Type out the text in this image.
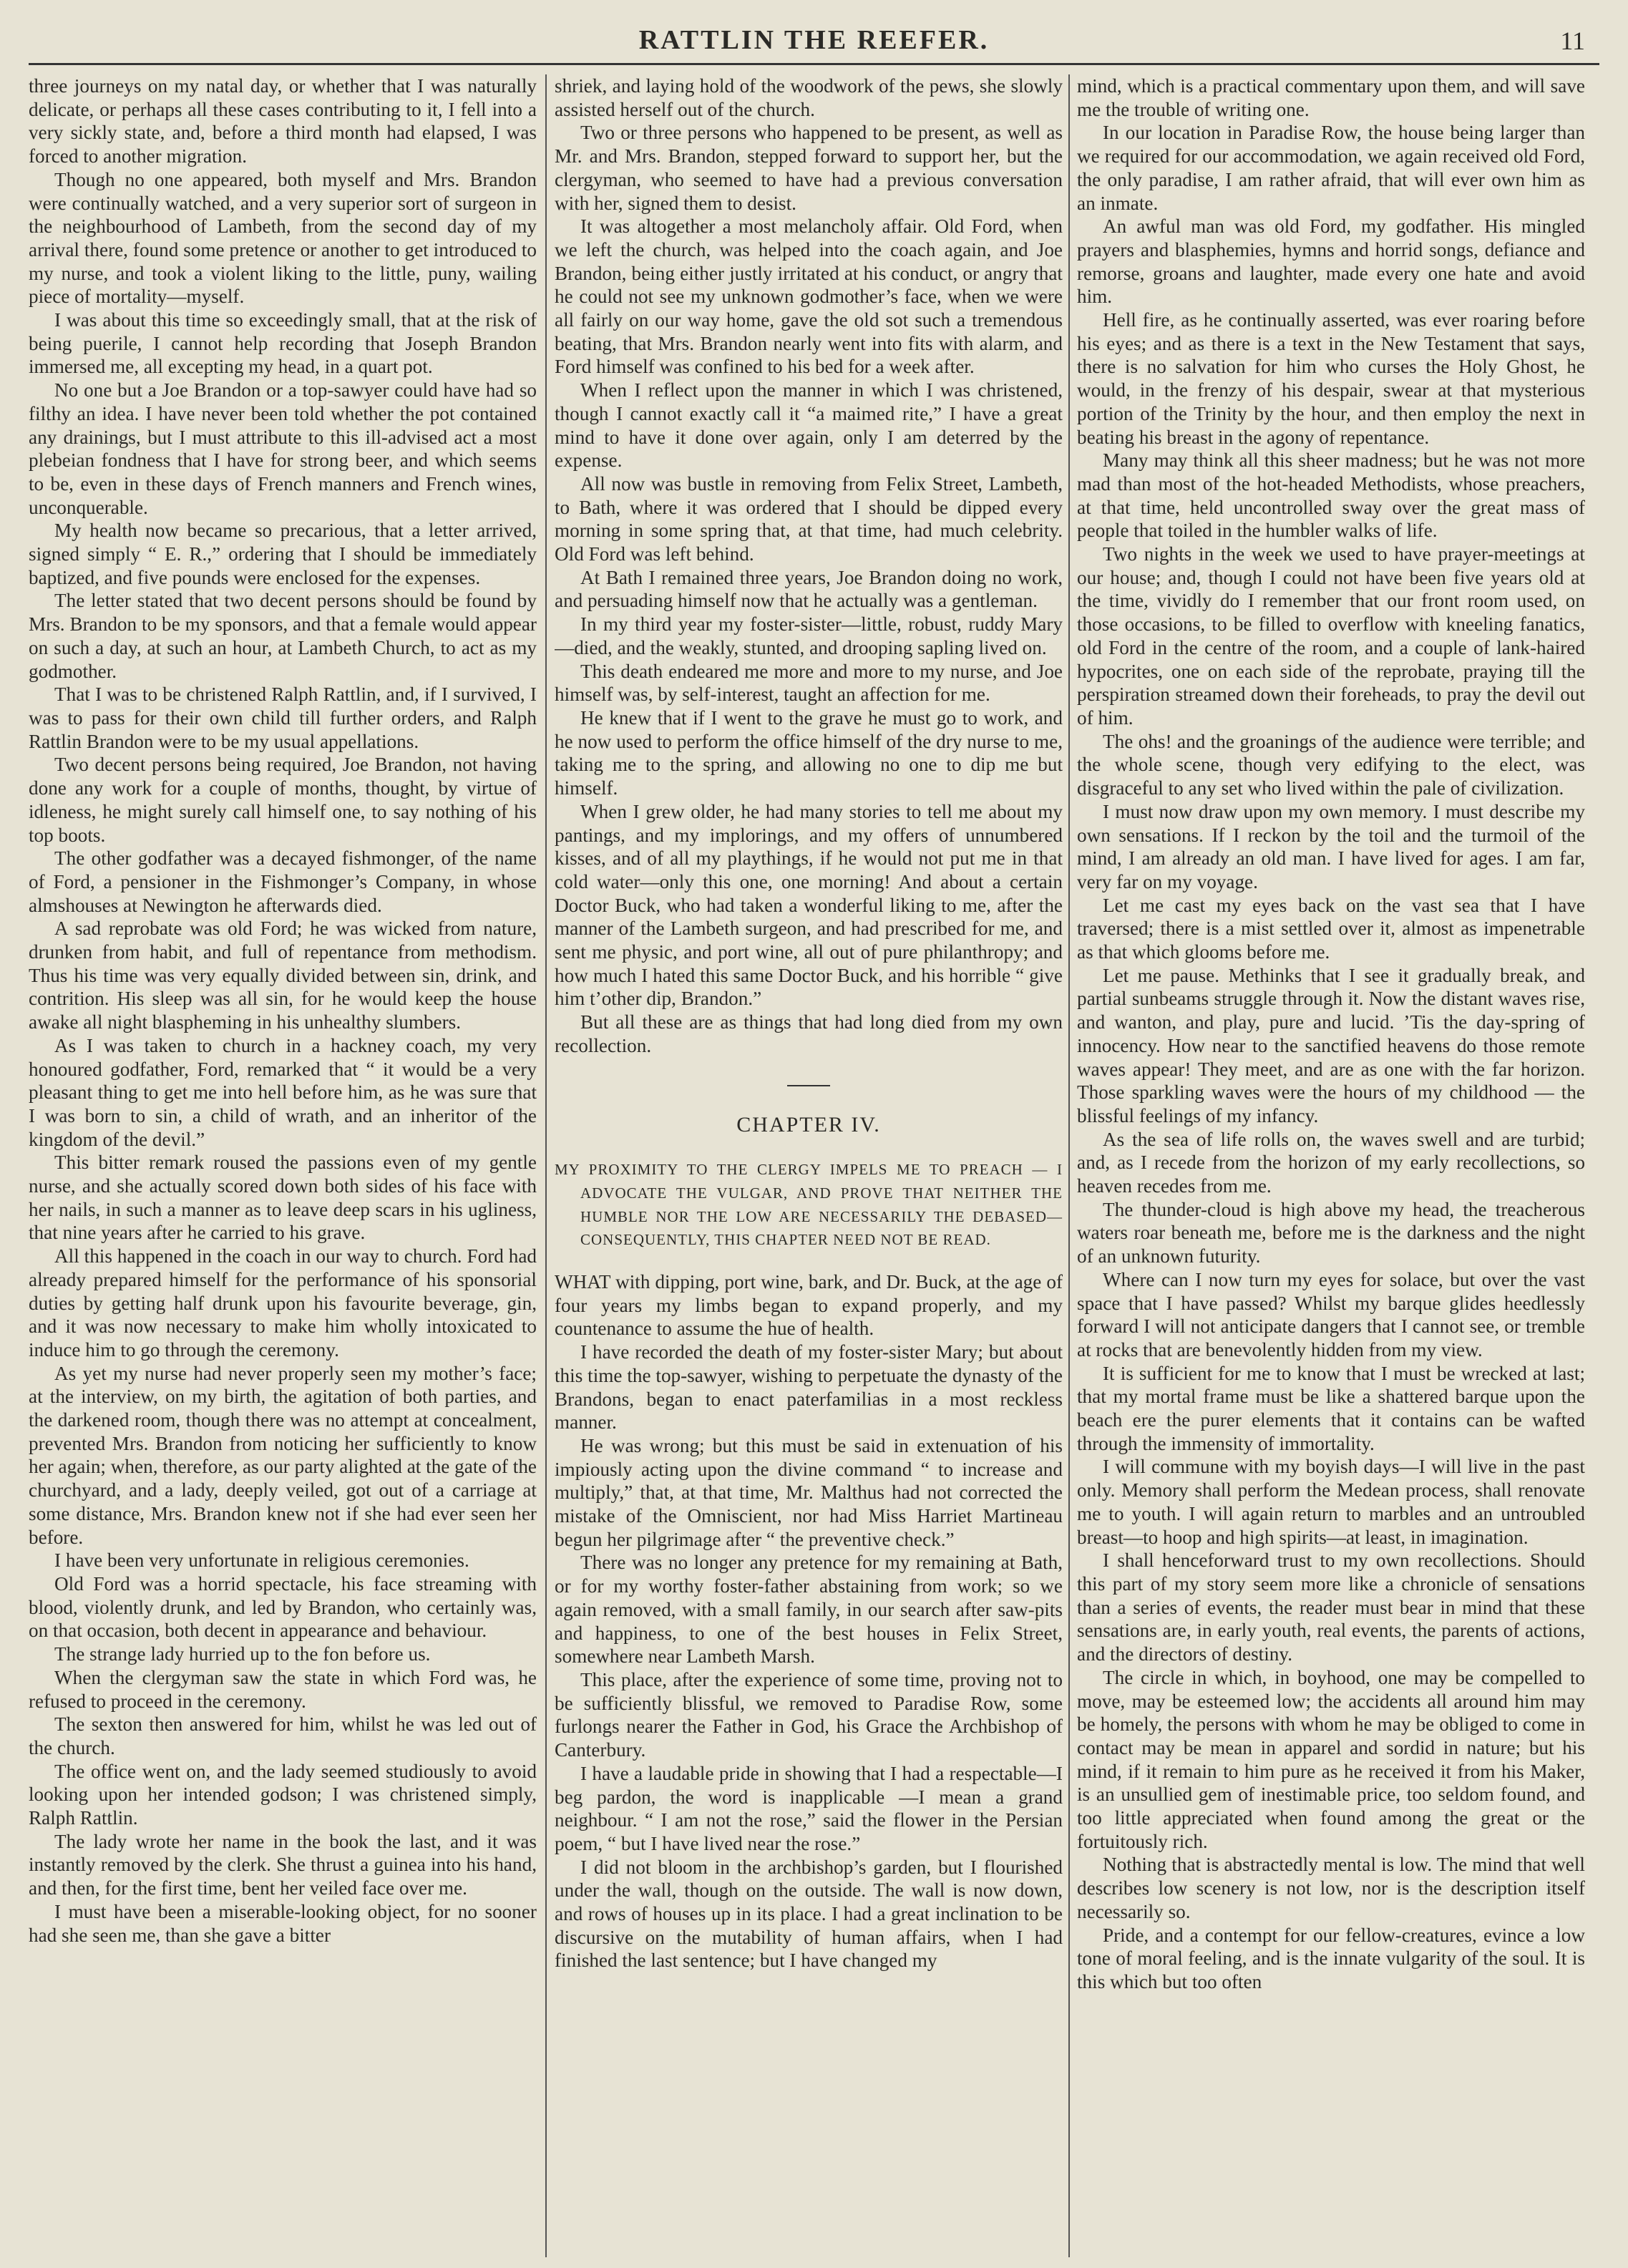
RATTLIN THE REEFER.	11

three journeys on my natal day, or whether that I was naturally delicate, or perhaps all these cases contributing to it, I fell into a very sickly state, and, before a third month had elapsed, I was forced to another migration.

Though no one appeared, both myself and Mrs. Brandon were continually watched, and a very superior sort of surgeon in the neighbourhood of Lambeth, from the second day of my arrival there, found some pretence or another to get introduced to my nurse, and took a violent liking to the little, puny, wailing piece of mortality—myself.

I was about this time so exceedingly small, that at the risk of being puerile, I cannot help recording that Joseph Brandon immersed me, all excepting my head, in a quart pot.

No one but a Joe Brandon or a top-sawyer could have had so filthy an idea. I have never been told whether the pot contained any drainings, but I must attribute to this ill-advised act a most plebeian fondness that I have for strong beer, and which seems to be, even in these days of French manners and French wines, unconquerable.

My health now became so precarious, that a letter arrived, signed simply “ E. R.,” ordering that I should be immediately baptized, and five pounds were enclosed for the expenses.

The letter stated that two decent persons should be found by Mrs. Brandon to be my sponsors, and that a female would appear on such a day, at such an hour, at Lambeth Church, to act as my godmother.

That I was to be christened Ralph Rattlin, and, if I survived, I was to pass for their own child till further orders, and Ralph Rattlin Brandon were to be my usual appellations.

Two decent persons being required, Joe Brandon, not having done any work for a couple of months, thought, by virtue of idleness, he might surely call himself one, to say nothing of his top boots.

The other godfather was a decayed fishmonger, of the name of Ford, a pensioner in the Fishmonger’s Company, in whose almshouses at Newington he afterwards died.

A sad reprobate was old Ford; he was wicked from nature, drunken from habit, and full of repentance from methodism. Thus his time was very equally divided between sin, drink, and contrition. His sleep was all sin, for he would keep the house awake all night blaspheming in his unhealthy slumbers.

As I was taken to church in a hackney coach, my very honoured godfather, Ford, remarked that “ it would be a very pleasant thing to get me into hell before him, as he was sure that I was born to sin, a child of wrath, and an inheritor of the kingdom of the devil.”

This bitter remark roused the passions even of my gentle nurse, and she actually scored down both sides of his face with her nails, in such a manner as to leave deep scars in his ugliness, that nine years after he carried to his grave.

All this happened in the coach in our way to church. Ford had already prepared himself for the performance of his sponsorial duties by getting half drunk upon his favourite beverage, gin, and it was now necessary to make him wholly intoxicated to induce him to go through the ceremony.

As yet my nurse had never properly seen my mother’s face; at the interview, on my birth, the agitation of both parties, and the darkened room, though there was no attempt at concealment, prevented Mrs. Brandon from noticing her sufficiently to know her again; when, therefore, as our party alighted at the gate of the churchyard, and a lady, deeply veiled, got out of a carriage at some distance, Mrs. Brandon knew not if she had ever seen her before.

I have been very unfortunate in religious ceremonies.

Old Ford was a horrid spectacle, his face streaming with blood, violently drunk, and led by Brandon, who certainly was, on that occasion, both decent in appearance and behaviour.

The strange lady hurried up to the fon before us.

When the clergyman saw the state in which Ford was, he refused to proceed in the ceremony.

The sexton then answered for him, whilst he was led out of the church.

The office went on, and the lady seemed studiously to avoid looking upon her intended godson; I was christened simply, Ralph Rattlin.

The lady wrote her name in the book the last, and it was instantly removed by the clerk. She thrust a guinea into his hand, and then, for the first time, bent her veiled face over me.

I must have been a miserable-looking object, for no sooner had she seen me, than she gave a bitter

shriek, and laying hold of the woodwork of the pews, she slowly assisted herself out of the church.

Two or three persons who happened to be present, as well as Mr. and Mrs. Brandon, stepped forward to support her, but the clergyman, who seemed to have had a previous conversation with her, signed them to desist.

It was altogether a most melancholy affair. Old Ford, when we left the church, was helped into the coach again, and Joe Brandon, being either justly irritated at his conduct, or angry that he could not see my unknown godmother’s face, when we were all fairly on our way home, gave the old sot such a tremendous beating, that Mrs. Brandon nearly went into fits with alarm, and Ford himself was confined to his bed for a week after.

When I reflect upon the manner in which I was christened, though I cannot exactly call it “a maimed rite,” I have a great mind to have it done over again, only I am deterred by the expense.

All now was bustle in removing from Felix Street, Lambeth, to Bath, where it was ordered that I should be dipped every morning in some spring that, at that time, had much celebrity. Old Ford was left behind.

At Bath I remained three years, Joe Brandon doing no work, and persuading himself now that he actually was a gentleman.

In my third year my foster-sister—little, robust, ruddy Mary—died, and the weakly, stunted, and drooping sapling lived on.

This death endeared me more and more to my nurse, and Joe himself was, by self-interest, taught an affection for me.

He knew that if I went to the grave he must go to work, and he now used to perform the office himself of the dry nurse to me, taking me to the spring, and allowing no one to dip me but himself.

When I grew older, he had many stories to tell me about my pantings, and my implorings, and my offers of unnumbered kisses, and of all my playthings, if he would not put me in that cold water—only this one, one morning! And about a certain Doctor Buck, who had taken a wonderful liking to me, after the manner of the Lambeth surgeon, and had prescribed for me, and sent me physic, and port wine, all out of pure philanthropy; and how much I hated this same Doctor Buck, and his horrible “ give him t’other dip, Brandon.”

But all these are as things that had long died from my own recollection.

CHAPTER IV.
MY PROXIMITY TO THE CLERGY IMPELS ME TO PREACH — I ADVOCATE THE VULGAR, AND PROVE THAT NEITHER THE HUMBLE NOR THE LOW ARE NECESSARILY THE DEBASED—CONSEQUENTLY, THIS CHAPTER NEED NOT BE READ.

WHAT with dipping, port wine, bark, and Dr. Buck, at the age of four years my limbs began to expand properly, and my countenance to assume the hue of health.

I have recorded the death of my foster-sister Mary; but about this time the top-sawyer, wishing to perpetuate the dynasty of the Brandons, began to enact paterfamilias in a most reckless manner.

He was wrong; but this must be said in extenuation of his impiously acting upon the divine command “ to increase and multiply,” that, at that time, Mr. Malthus had not corrected the mistake of the Omniscient, nor had Miss Harriet Martineau begun her pilgrimage after “ the preventive check.”

There was no longer any pretence for my remaining at Bath, or for my worthy foster-father abstaining from work; so we again removed, with a small family, in our search after saw-pits and happiness, to one of the best houses in Felix Street, somewhere near Lambeth Marsh.

This place, after the experience of some time, proving not to be sufficiently blissful, we removed to Paradise Row, some furlongs nearer the Father in God, his Grace the Archbishop of Canterbury.

I have a laudable pride in showing that I had a respectable—I beg pardon, the word is inapplicable —I mean a grand neighbour. “ I am not the rose,” said the flower in the Persian poem, “ but I have lived near the rose.”

I did not bloom in the archbishop’s garden, but I flourished under the wall, though on the outside. The wall is now down, and rows of houses up in its place. I had a great inclination to be discursive on the mutability of human affairs, when I had finished the last sentence; but I have changed my

mind, which is a practical commentary upon them, and will save me the trouble of writing one.

In our location in Paradise Row, the house being larger than we required for our accommodation, we again received old Ford, the only paradise, I am rather afraid, that will ever own him as an inmate.

An awful man was old Ford, my godfather. His mingled prayers and blasphemies, hymns and horrid songs, defiance and remorse, groans and laughter, made every one hate and avoid him.

Hell fire, as he continually asserted, was ever roaring before his eyes; and as there is a text in the New Testament that says, there is no salvation for him who curses the Holy Ghost, he would, in the frenzy of his despair, swear at that mysterious portion of the Trinity by the hour, and then employ the next in beating his breast in the agony of repentance.

Many may think all this sheer madness; but he was not more mad than most of the hot-headed Methodists, whose preachers, at that time, held uncontrolled sway over the great mass of people that toiled in the humbler walks of life.

Two nights in the week we used to have prayer-meetings at our house; and, though I could not have been five years old at the time, vividly do I remember that our front room used, on those occasions, to be filled to overflow with kneeling fanatics, old Ford in the centre of the room, and a couple of lank-haired hypocrites, one on each side of the reprobate, praying till the perspiration streamed down their foreheads, to pray the devil out of him.

The ohs! and the groanings of the audience were terrible; and the whole scene, though very edifying to the elect, was disgraceful to any set who lived within the pale of civilization.

I must now draw upon my own memory. I must describe my own sensations. If I reckon by the toil and the turmoil of the mind, I am already an old man. I have lived for ages. I am far, very far on my voyage.

Let me cast my eyes back on the vast sea that I have traversed; there is a mist settled over it, almost as impenetrable as that which glooms before me.

Let me pause. Methinks that I see it gradually break, and partial sunbeams struggle through it. Now the distant waves rise, and wanton, and play, pure and lucid. ’Tis the day-spring of innocency. How near to the sanctified heavens do those remote waves appear! They meet, and are as one with the far horizon. Those sparkling waves were the hours of my childhood — the blissful feelings of my infancy.

As the sea of life rolls on, the waves swell and are turbid; and, as I recede from the horizon of my early recollections, so heaven recedes from me.

The thunder-cloud is high above my head, the treacherous waters roar beneath me, before me is the darkness and the night of an unknown futurity.

Where can I now turn my eyes for solace, but over the vast space that I have passed? Whilst my barque glides heedlessly forward I will not anticipate dangers that I cannot see, or tremble at rocks that are benevolently hidden from my view.

It is sufficient for me to know that I must be wrecked at last; that my mortal frame must be like a shattered barque upon the beach ere the purer elements that it contains can be wafted through the immensity of immortality.

I will commune with my boyish days—I will live in the past only. Memory shall perform the Medean process, shall renovate me to youth. I will again return to marbles and an untroubled breast—to hoop and high spirits—at least, in imagination.

I shall henceforward trust to my own recollections. Should this part of my story seem more like a chronicle of sensations than a series of events, the reader must bear in mind that these sensations are, in early youth, real events, the parents of actions, and the directors of destiny.

The circle in which, in boyhood, one may be compelled to move, may be esteemed low; the accidents all around him may be homely, the persons with whom he may be obliged to come in contact may be mean in apparel and sordid in nature; but his mind, if it remain to him pure as he received it from his Maker, is an unsullied gem of inestimable price, too seldom found, and too little appreciated when found among the great or the fortuitously rich.

Nothing that is abstractedly mental is low. The mind that well describes low scenery is not low, nor is the description itself necessarily so.

Pride, and a contempt for our fellow-creatures, evince a low tone of moral feeling, and is the innate vulgarity of the soul. It is this which but too often
